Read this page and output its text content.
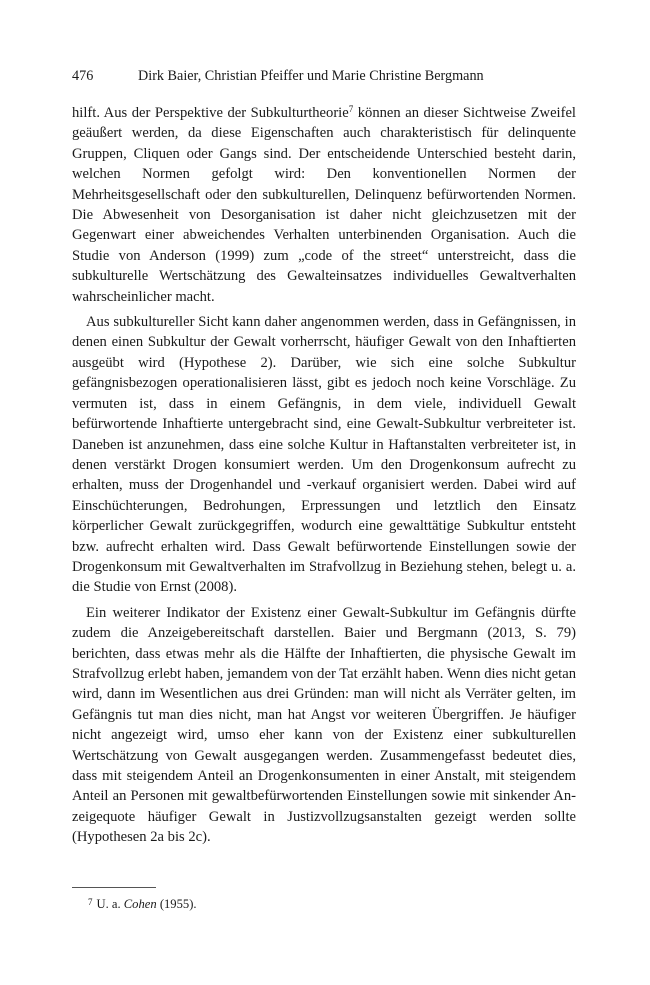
476	Dirk Baier, Christian Pfeiffer und Marie Christine Bergmann

hilft. Aus der Perspektive der Subkulturtheorie$^7$ können an dieser Sichtweise Zweifel geäußert werden, da diese Eigenschaften auch charakteristisch für delinquente Gruppen, Cliquen oder Gangs sind. Der entscheidende Unterschied besteht darin, welchen Normen gefolgt wird: Den konventionellen Normen der Mehrheitsgesellschaft oder den subkulturellen, Delinquenz befürwortenden Normen. Die Abwesenheit von Desorganisation ist daher nicht gleichzusetzen mit der Gegenwart einer abweichendes Verhalten unterbinenden Organisation. Auch die Studie von Anderson (1999) zum „code of the street“ unterstreicht, dass die subkulturelle Wertschätzung des Gewalteinsatzes individuelles Gewaltverhalten wahrscheinlicher macht.

Aus subkultureller Sicht kann daher angenommen werden, dass in Gefängnissen, in denen einen Subkultur der Gewalt vorherrscht, häufiger Gewalt von den Inhaftierten ausgeübt wird (Hypothese 2). Darüber, wie sich eine solche Subkultur gefängnisbezogen operationalisieren lässt, gibt es jedoch noch keine Vorschläge. Zu vermuten ist, dass in einem Gefängnis, in dem viele, individuell Gewalt befürwortende Inhaftierte untergebracht sind, eine Gewalt-Subkultur verbreiteter ist. Daneben ist anzunehmen, dass eine solche Kultur in Haftanstalten verbreiteter ist, in denen verstärkt Drogen konsumiert werden. Um den Drogenkonsum aufrecht zu erhalten, muss der Drogenhandel und -verkauf organisiert werden. Dabei wird auf Einschüchterungen, Bedrohungen, Erpressungen und letztlich den Einsatz körperlicher Gewalt zurückgegriffen, wodurch eine gewalttätige Subkultur entsteht bzw. aufrecht erhalten wird. Dass Gewalt befürwortende Einstellungen sowie der Drogenkonsum mit Gewaltverhalten im Strafvollzug in Beziehung stehen, belegt u. a. die Studie von Ernst (2008).

Ein weiterer Indikator der Existenz einer Gewalt-Subkultur im Gefängnis dürfte zudem die Anzeigebereitschaft darstellen. Baier und Bergmann (2013, S. 79) berichten, dass etwas mehr als die Hälfte der Inhaftierten, die physische Gewalt im Strafvollzug erlebt haben, jemandem von der Tat erzählt haben. Wenn dies nicht getan wird, dann im Wesentlichen aus drei Gründen: man will nicht als Verräter gelten, im Gefängnis tut man dies nicht, man hat Angst vor weiteren Übergriffen. Je häufiger nicht angezeigt wird, umso eher kann von der Existenz einer subkulturellen Wertschätzung von Gewalt ausgegangen werden. Zusammengefasst bedeutet dies, dass mit steigendem Anteil an Drogenkonsumenten in einer Anstalt, mit steigendem Anteil an Personen mit gewaltbefürwortenden Einstellungen sowie mit sinkender Anzeigequote häufiger Gewalt in Justizvollzugsanstalten gezeigt werden sollte (Hypothesen 2a bis 2c).

$^7$ U. a. Cohen (1955).
